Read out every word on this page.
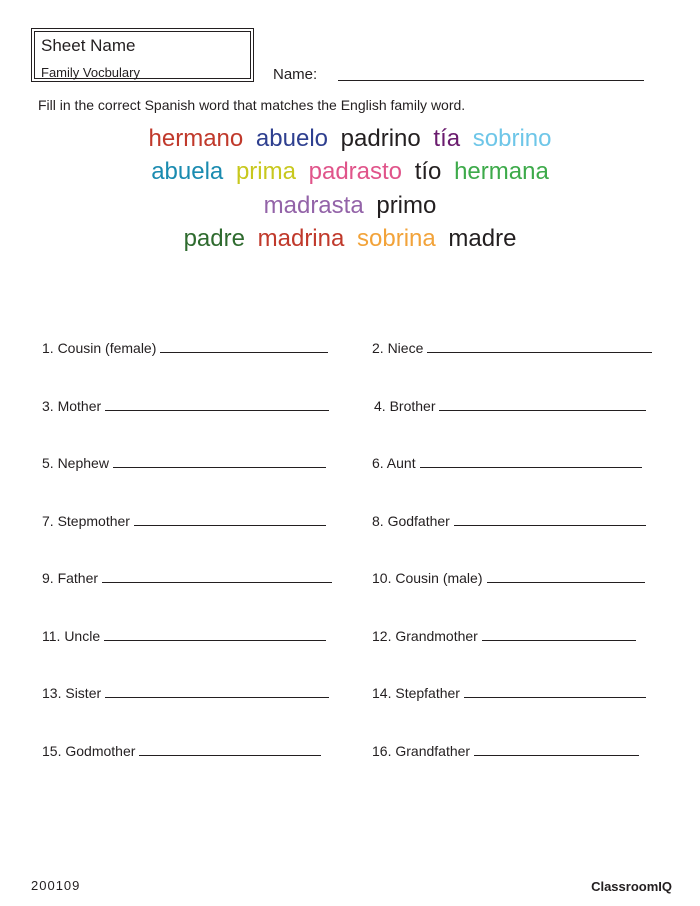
Sheet Name
Family Vocbulary	Name:
Fill in the correct Spanish word that matches the English family word.
hermano abuelo padrino tía sobrino
abuela prima padrasto tío hermana
madrasta primo
padre madrina sobrina madre
1. Cousin (female)
3. Mother
5. Nephew
7. Stepmother
9. Father
11. Uncle
13. Sister
15. Godmother
2. Niece
4. Brother
6. Aunt
8. Godfather
10. Cousin (male)
12. Grandmother
14. Stepfather
16. Grandfather
200109	ClassroomIQ
